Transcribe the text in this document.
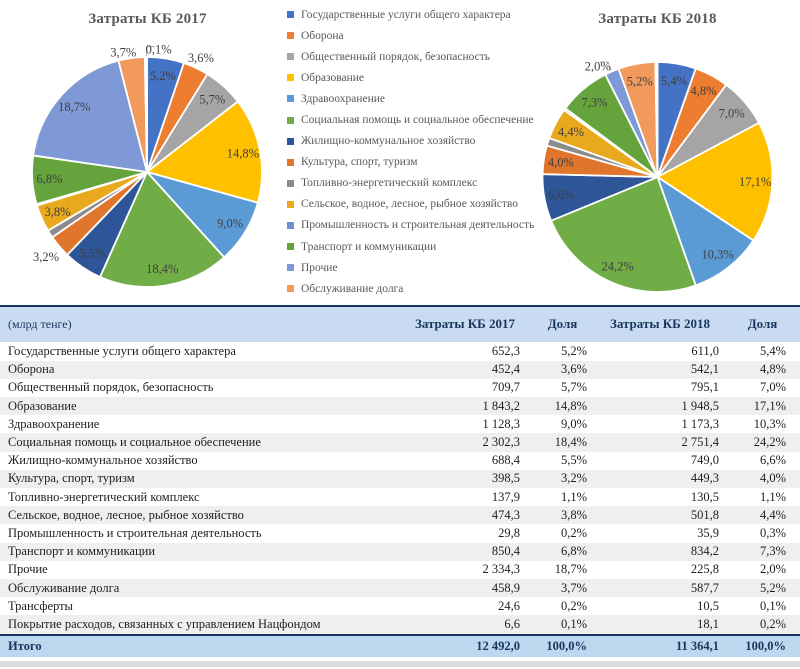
Затраты КБ 2017
5,2%
3,6%
5,7%
14,8%
9,0%
18,4%
5,5%
3,2%
3,8%
6,8%
18,7%
3,7% 0,1%
Государственные услуги общего характера
Оборона
Общественный порядок, безопасность
Образование
Здравоохранение
Социальная помощь и социальное обеспечение
Жилищно-коммунальное хозяйство
Культура, спорт, туризм
Топливно-энергетический комплекс
Сельское, водное, лесное, рыбное хозяйство
Промышленность и строительная деятельность
Транспорт и коммуникации
Прочие
Обслуживание долга
Затраты КБ 2018
5,4%
4,8%
7,0%
17,1%
10,3%
24,2%
6,6%
4,0%
4,4%
7,3%
2,0%
5,2%
(млрд тенге)	Затраты КБ 2017	Доля	Затраты КБ 2018	Доля
Государственные услуги общего характера	652,3	5,2%	611,0	5,4%
Оборона	452,4	3,6%	542,1	4,8%
Общественный порядок, безопасность	709,7	5,7%	795,1	7,0%
Образование	1 843,2	14,8%	1 948,5	17,1%
Здравоохранение	1 128,3	9,0%	1 173,3	10,3%
Социальная помощь и социальное обеспечение	2 302,3	18,4%	2 751,4	24,2%
Жилищно-коммунальное хозяйство	688,4	5,5%	749,0	6,6%
Культура, спорт, туризм	398,5	3,2%	449,3	4,0%
Топливно-энергетический комплекс	137,9	1,1%	130,5	1,1%
Сельское, водное, лесное, рыбное хозяйство	474,3	3,8%	501,8	4,4%
Промышленность и строительная деятельность	29,8	0,2%	35,9	0,3%
Транспорт и коммуникации	850,4	6,8%	834,2	7,3%
Прочие	2 334,3	18,7%	225,8	2,0%
Обслуживание долга	458,9	3,7%	587,7	5,2%
Трансферты	24,6	0,2%	10,5	0,1%
Покрытие расходов, связанных с управлением Нацфондом	6,6	0,1%	18,1	0,2%
Итого	12 492,0	100,0%	11 364,1	100,0%
